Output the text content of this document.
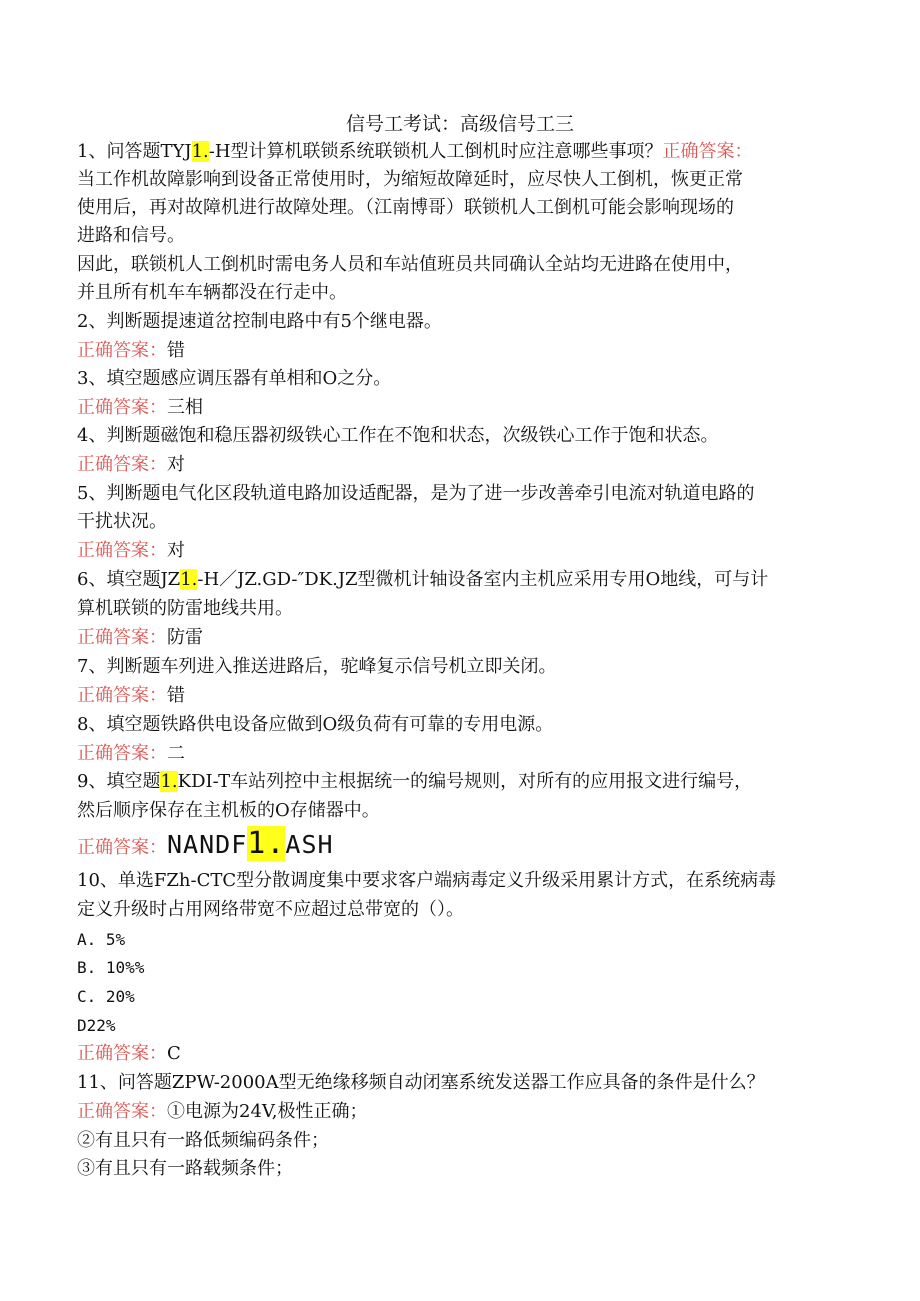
信号工考试：高级信号工三
1、问答题TYJ1.-H型计算机联锁系统联锁机人工倒机时应注意哪些事项？正确答案：
当工作机故障影响到设备正常使用时，为缩短故障延时，应尽快人工倒机，恢更正常
使用后，再对故障机进行故障处理。（江南博哥）联锁机人工倒机可能会影响现场的
进路和信号。
因此，联锁机人工倒机时需电务人员和车站值班员共同确认全站均无进路在使用中，
并且所有机车车辆都没在行走中。
2、判断题提速道岔控制电路中有5个继电器。
正确答案：错
3、填空题感应调压器有单相和O之分。
正确答案：三相
4、判断题磁饱和稳压器初级铁心工作在不饱和状态，次级铁心工作于饱和状态。
正确答案：对
5、判断题电气化区段轨道电路加设适配器，是为了进一步改善牵引电流对轨道电路的
干扰状况。
正确答案：对
6、填空题JZ1.-H／JZ.GD-″DK.JZ型微机计轴设备室内主机应采用专用O地线，可与计
算机联锁的防雷地线共用。
正确答案：防雷
7、判断题车列进入推送进路后，驼峰复示信号机立即关闭。
正确答案：错
8、填空题铁路供电设备应做到O级负荷有可靠的专用电源。
正确答案：二
9、填空题1.KDI-T车站列控中主根据统一的编号规则，对所有的应用报文进行编号，
然后顺序保存在主机板的O存储器中。
正确答案：NANDF1.ASH
10、单选FZh-CTC型分散调度集中要求客户端病毒定义升级采用累计方式，在系统病毒
定义升级时占用网络带宽不应超过总带宽的（）。
A. 5%
B. 10%%
C. 20%
D22%
正确答案：C
11、问答题ZPW-2000A型无绝缘移频自动闭塞系统发送器工作应具备的条件是什么？
正确答案：①电源为24V,极性正确；
②有且只有一路低频编码条件；
③有且只有一路载频条件；
